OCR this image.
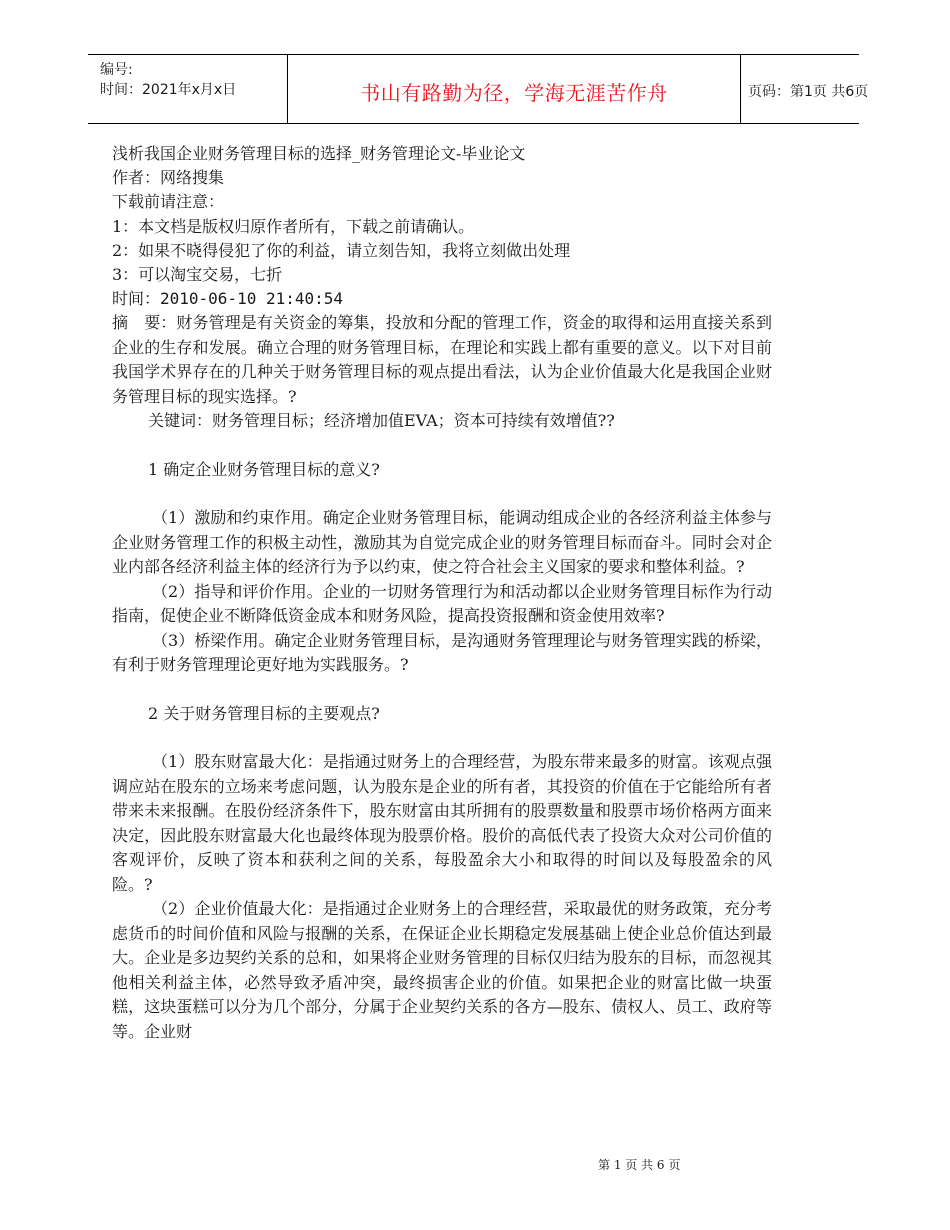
编号:
时间：2021年x月x日	书山有路勤为径，学海无涯苦作舟	页码：第1页 共6页
浅析我国企业财务管理目标的选择_财务管理论文-毕业论文
作者：网络搜集
下载前请注意：
1：本文档是版权归原作者所有，下载之前请确认。
2：如果不晓得侵犯了你的利益，请立刻告知，我将立刻做出处理
3：可以淘宝交易，七折
时间：2010-06-10 21:40:54
摘　要：财务管理是有关资金的筹集，投放和分配的管理工作，资金的取得和运用直接关系到企业的生存和发展。确立合理的财务管理目标，在理论和实践上都有重要的意义。以下对目前我国学术界存在的几种关于财务管理目标的观点提出看法，认为企业价值最大化是我国企业财务管理目标的现实选择。?
关键词：财务管理目标；经济增加值EVA；资本可持续有效增值??
1 确定企业财务管理目标的意义?
（1）激励和约束作用。确定企业财务管理目标，能调动组成企业的各经济利益主体参与企业财务管理工作的积极主动性，激励其为自觉完成企业的财务管理目标而奋斗。同时会对企业内部各经济利益主体的经济行为予以约束，使之符合社会主义国家的要求和整体利益。?
（2）指导和评价作用。企业的一切财务管理行为和活动都以企业财务管理目标作为行动指南，促使企业不断降低资金成本和财务风险，提高投资报酬和资金使用效率?
（3）桥梁作用。确定企业财务管理目标，是沟通财务管理理论与财务管理实践的桥梁，有利于财务管理理论更好地为实践服务。?
2 关于财务管理目标的主要观点?
（1）股东财富最大化：是指通过财务上的合理经营，为股东带来最多的财富。该观点强调应站在股东的立场来考虑问题，认为股东是企业的所有者，其投资的价值在于它能给所有者带来未来报酬。在股份经济条件下，股东财富由其所拥有的股票数量和股票市场价格两方面来决定，因此股东财富最大化也最终体现为股票价格。股价的高低代表了投资大众对公司价值的客观评价，反映了资本和获利之间的关系，每股盈余大小和取得的时间以及每股盈余的风险。?
（2）企业价值最大化：是指通过企业财务上的合理经营，采取最优的财务政策，充分考虑货币的时间价值和风险与报酬的关系，在保证企业长期稳定发展基础上使企业总价值达到最大。企业是多边契约关系的总和，如果将企业财务管理的目标仅归结为股东的目标，而忽视其他相关利益主体，必然导致矛盾冲突，最终损害企业的价值。如果把企业的财富比做一块蛋糕，这块蛋糕可以分为几个部分，分属于企业契约关系的各方—股东、债权人、员工、政府等等。企业财
第 1 页 共 6 页
